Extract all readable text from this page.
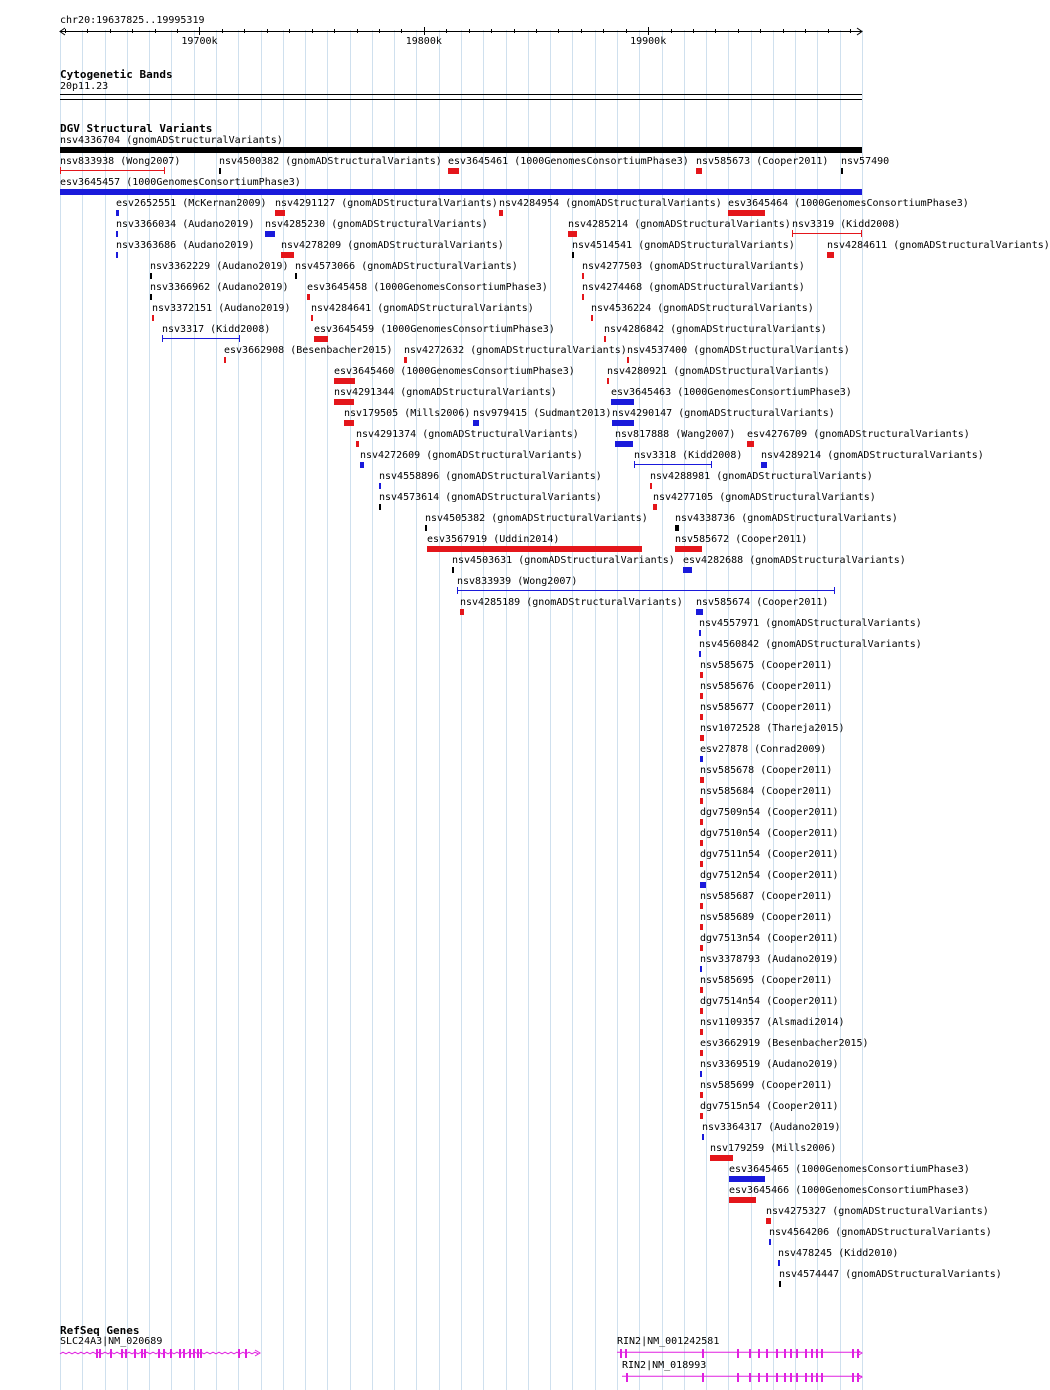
chr20:19637825..19995319
19700k	19800k	19900k
Cytogenetic Bands
20p11.23
DGV Structural Variants
nsv4336704 (gnomADStructuralVariants)
nsv833938 (Wong2007)	nsv4500382 (gnomADStructuralVariants) esv3645461 (1000GenomesConsortiumPhase3) nsv585673 (Cooper2011) nsv57490
esv3645457 (1000GenomesConsortiumPhase3)
esv2652551 (McKernan2009) nsv4291127 (gnomADStructuralVariants) nsv4284954 (gnomADStructuralVariants) esv3645464 (1000GenomesConsortiumPhase3)
nsv3366034 (Audano2019) nsv4285230 (gnomADStructuralVariants)	nsv4285214 (gnomADStructuralVariants) nsv3319 (Kidd2008)
nsv3363686 (Audano2019)	nsv4278209 (gnomADStructuralVariants)	nsv4514541 (gnomADStructuralVariants)	nsv4284611 (gnomADStructuralVariants)
nsv3362229 (Audano2019) nsv4573066 (gnomADStructuralVariants)	nsv4277503 (gnomADStructuralVariants)
nsv3366962 (Audano2019) esv3645458 (1000GenomesConsortiumPhase3)	nsv4274468 (gnomADStructuralVariants)
nsv3372151 (Audano2019) nsv4284641 (gnomADStructuralVariants)	nsv4536224 (gnomADStructuralVariants)
nsv3317 (Kidd2008)	esv3645459 (1000GenomesConsortiumPhase3)	nsv4286842 (gnomADStructuralVariants)
esv3662908 (Besenbacher2015) nsv4272632 (gnomADStructuralVariants) nsv4537400 (gnomADStructuralVariants)
esv3645460 (1000GenomesConsortiumPhase3)	nsv4280921 (gnomADStructuralVariants)
nsv4291344 (gnomADStructuralVariants)	esv3645463 (1000GenomesConsortiumPhase3)
nsv179505 (Mills2006) nsv979415 (Sudmant2013) nsv4290147 (gnomADStructuralVariants)
nsv4291374 (gnomADStructuralVariants)	nsv817888 (Wang2007) esv4276709 (gnomADStructuralVariants)
nsv4272609 (gnomADStructuralVariants)	nsv3318 (Kidd2008) nsv4289214 (gnomADStructuralVariants)
nsv4558896 (gnomADStructuralVariants)	nsv4288981 (gnomADStructuralVariants)
nsv4573614 (gnomADStructuralVariants)	nsv4277105 (gnomADStructuralVariants)
nsv4505382 (gnomADStructuralVariants)	nsv4338736 (gnomADStructuralVariants)
esv3567919 (Uddin2014)	nsv585672 (Cooper2011)
nsv4503631 (gnomADStructuralVariants) esv4282688 (gnomADStructuralVariants)
nsv833939 (Wong2007)
nsv4285189 (gnomADStructuralVariants) nsv585674 (Cooper2011)
nsv4557971 (gnomADStructuralVariants)
nsv4560842 (gnomADStructuralVariants)
nsv585675 (Cooper2011)
nsv585676 (Cooper2011)
nsv585677 (Cooper2011)
nsv1072528 (Thareja2015)
esv27878 (Conrad2009)
nsv585678 (Cooper2011)
nsv585684 (Cooper2011)
dgv7509n54 (Cooper2011)
dgv7510n54 (Cooper2011)
dgv7511n54 (Cooper2011)
dgv7512n54 (Cooper2011)
nsv585687 (Cooper2011)
nsv585689 (Cooper2011)
dgv7513n54 (Cooper2011)
nsv3378793 (Audano2019)
nsv585695 (Cooper2011)
dgv7514n54 (Cooper2011)
nsv1109357 (Alsmadi2014)
esv3662919 (Besenbacher2015)
nsv3369519 (Audano2019)
nsv585699 (Cooper2011)
dgv7515n54 (Cooper2011)
nsv3364317 (Audano2019)
nsv179259 (Mills2006)
esv3645465 (1000GenomesConsortiumPhase3)
esv3645466 (1000GenomesConsortiumPhase3)
nsv4275327 (gnomADStructuralVariants)
nsv4564206 (gnomADStructuralVariants)
nsv478245 (Kidd2010)
nsv4574447 (gnomADStructuralVariants)
RefSeq Genes
SLC24A3|NM_020689	RIN2|NM_001242581
RIN2|NM_018993
